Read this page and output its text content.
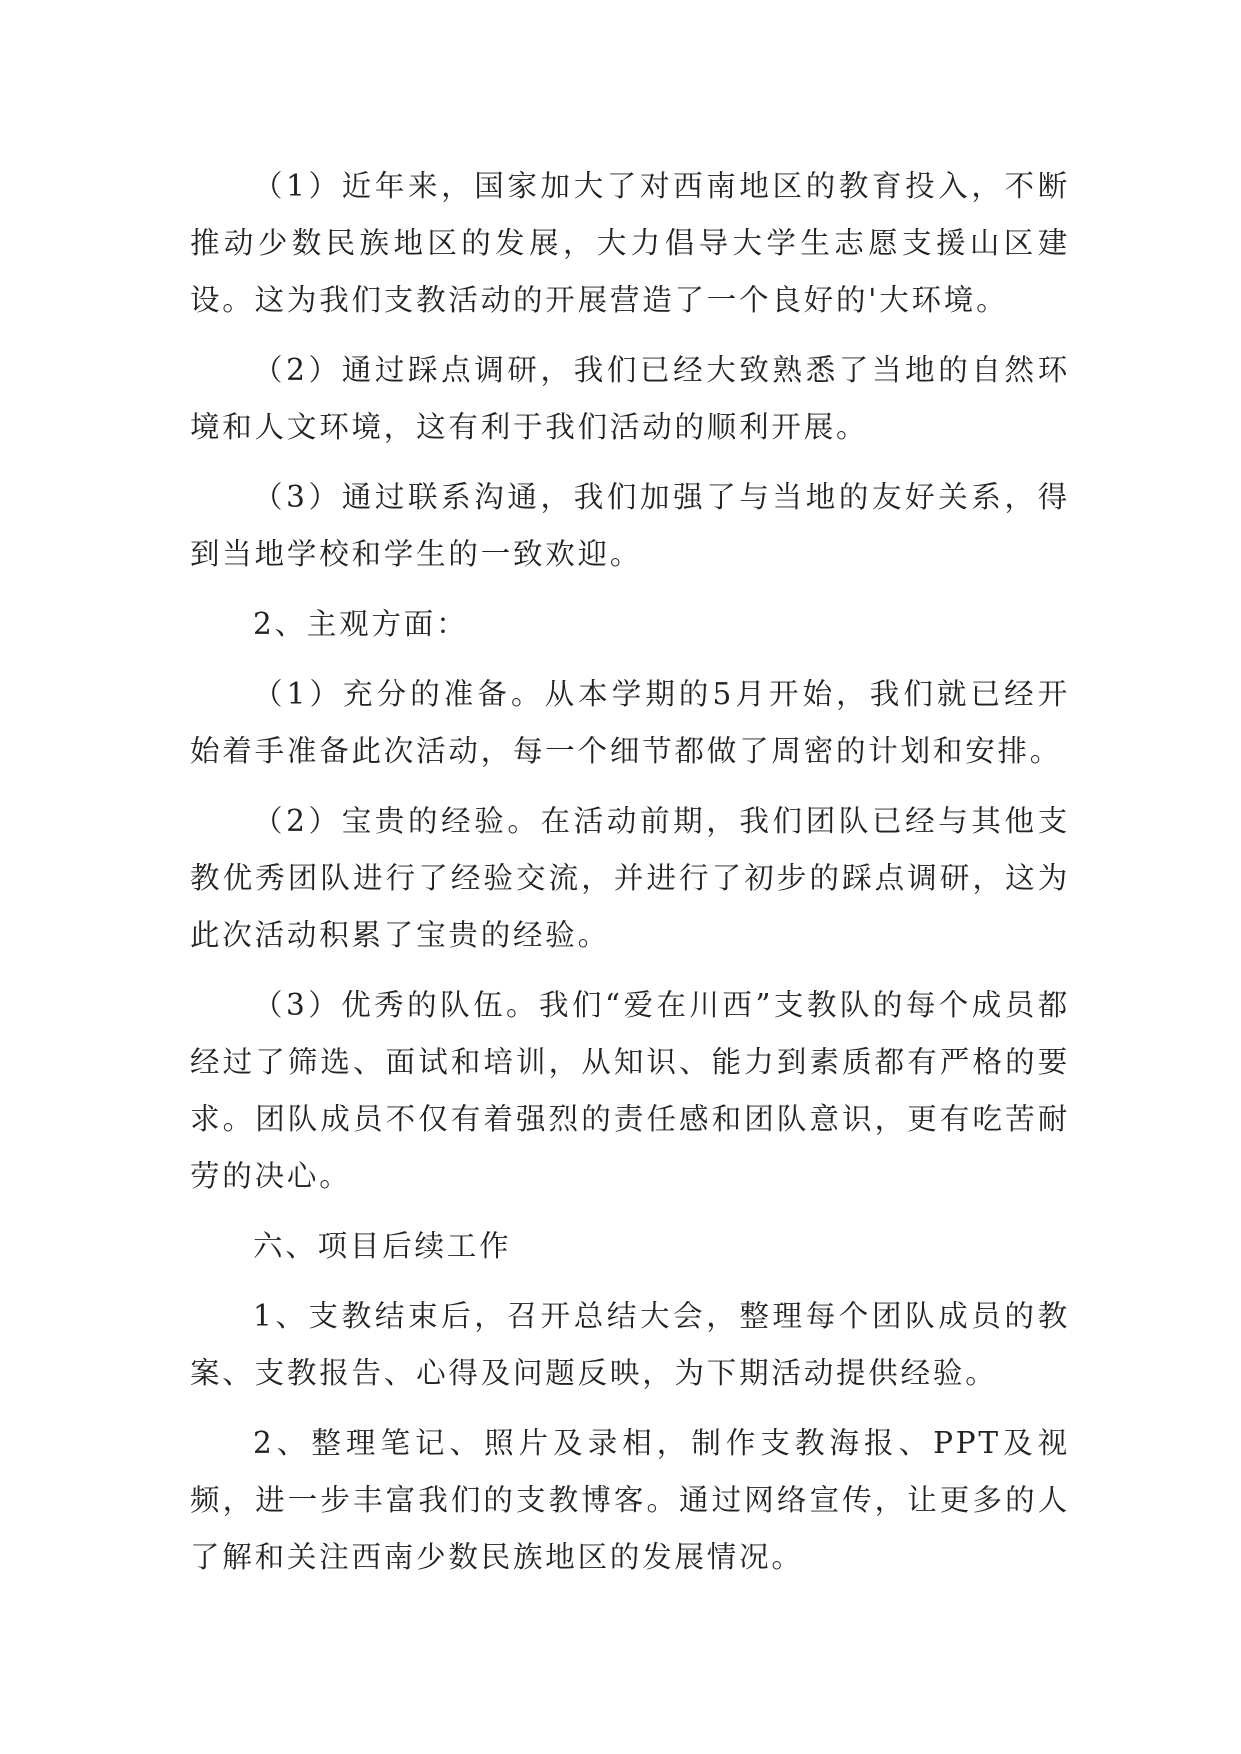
（1）近年来，国家加大了对西南地区的教育投入，不断推动少数民族地区的发展，大力倡导大学生志愿支援山区建设。这为我们支教活动的开展营造了一个良好的'大环境。

（2）通过踩点调研，我们已经大致熟悉了当地的自然环境和人文环境，这有利于我们活动的顺利开展。

（3）通过联系沟通，我们加强了与当地的友好关系，得到当地学校和学生的一致欢迎。

2、主观方面：

（1）充分的准备。从本学期的5月开始，我们就已经开始着手准备此次活动，每一个细节都做了周密的计划和安排。

（2）宝贵的经验。在活动前期，我们团队已经与其他支教优秀团队进行了经验交流，并进行了初步的踩点调研，这为此次活动积累了宝贵的经验。

（3）优秀的队伍。我们“爱在川西”支教队的每个成员都经过了筛选、面试和培训，从知识、能力到素质都有严格的要求。团队成员不仅有着强烈的责任感和团队意识，更有吃苦耐劳的决心。

六、项目后续工作

1、支教结束后，召开总结大会，整理每个团队成员的教案、支教报告、心得及问题反映，为下期活动提供经验。

2、整理笔记、照片及录相，制作支教海报、PPT及视频，进一步丰富我们的支教博客。通过网络宣传，让更多的人了解和关注西南少数民族地区的发展情况。
